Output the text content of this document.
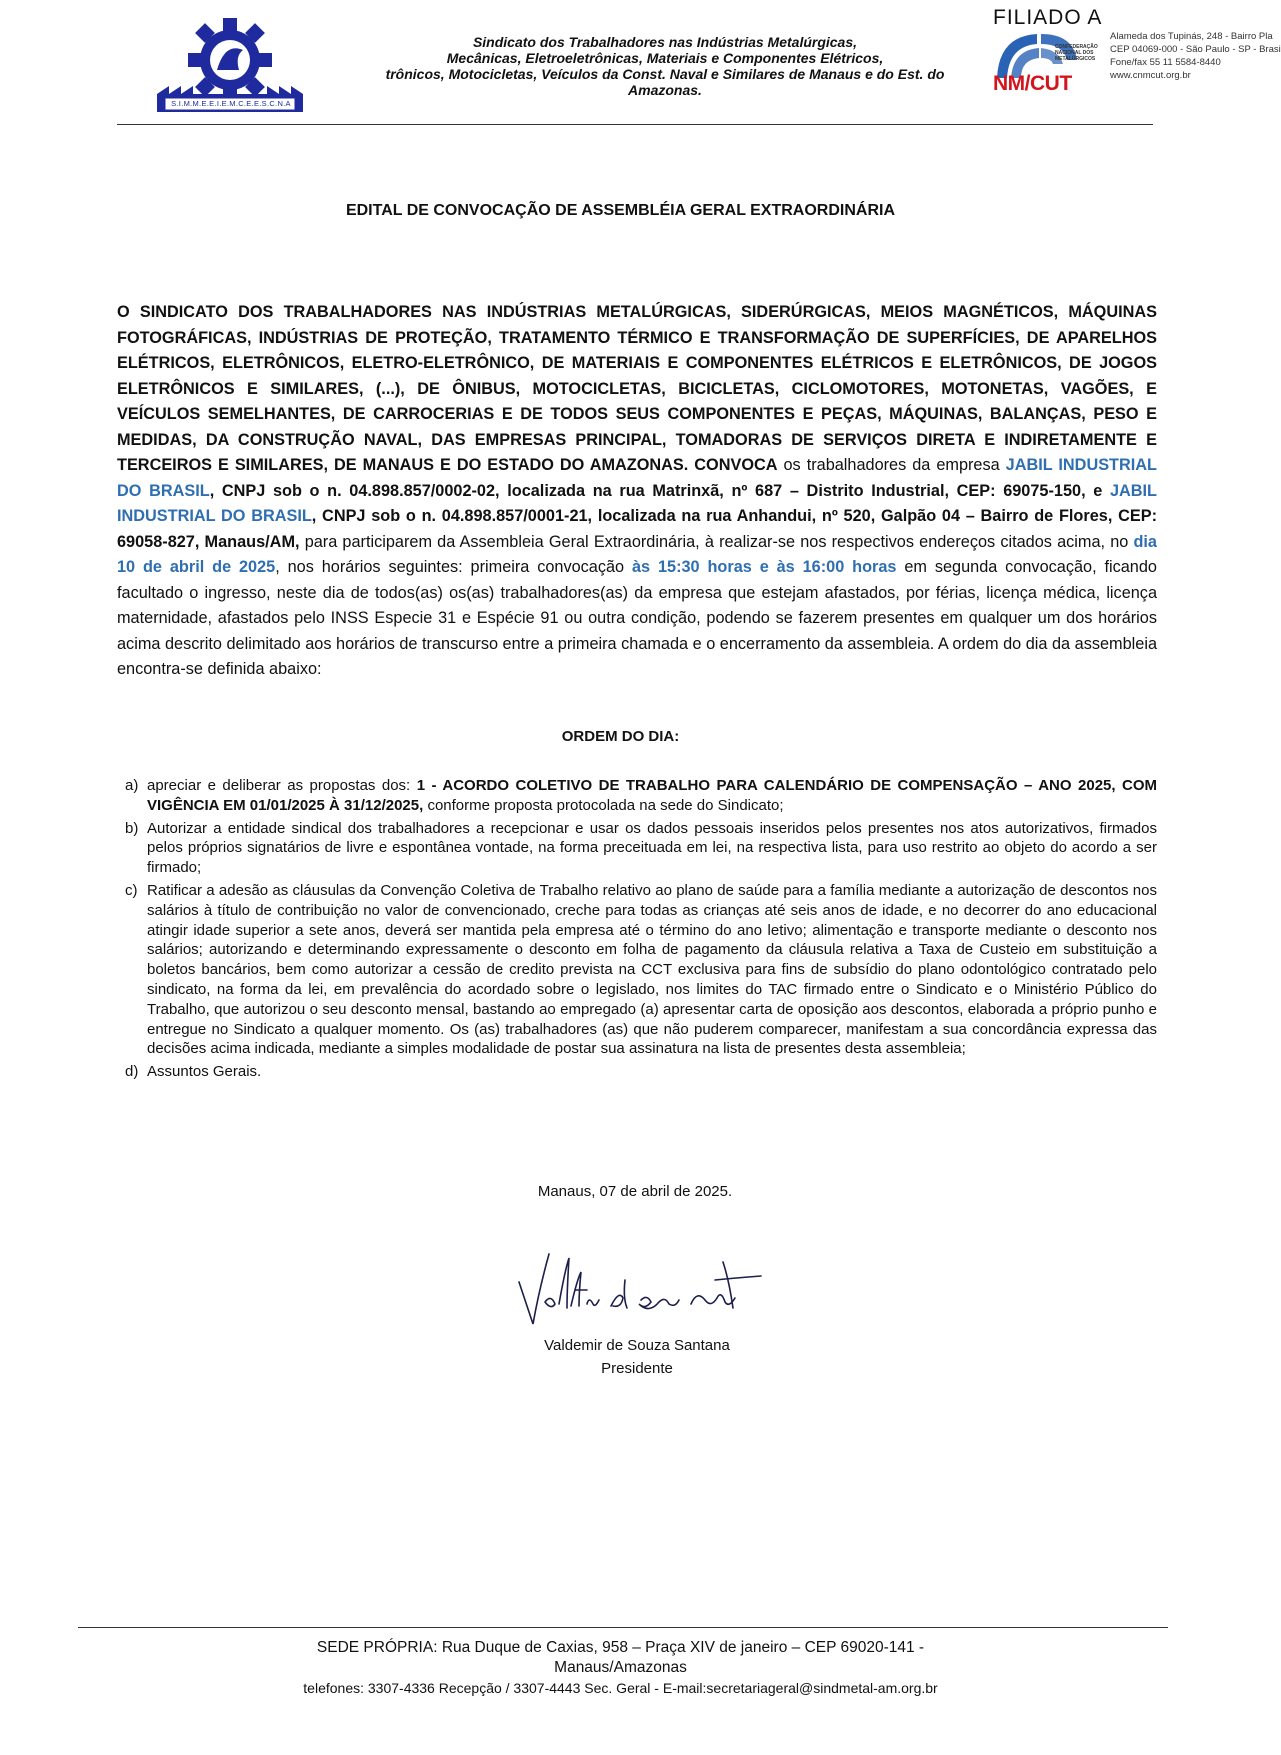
S.I.M.M.E.E.I.E.M.C.E.E.S.C.N.A
Sindicato dos Trabalhadores nas Indústrias Metalúrgicas,
Mecânicas, Eletroeletrônicas, Materiais e Componentes Elétricos,
trônicos, Motocicletas, Veículos da Const. Naval e Similares de Manaus e do Est. do
Amazonas.
FILIADO A
CONFEDERAÇÃO NACIONAL DOS METALÚRGICOS
NM/CUT
Alameda dos Tupinás, 248 - Bairro Pla
CEP 04069-000 - São Paulo - SP - Brasi
Fone/fax 55 11 5584-8440
www.cnmcut.org.br
EDITAL DE CONVOCAÇÃO DE ASSEMBLÉIA GERAL EXTRAORDINÁRIA
O SINDICATO DOS TRABALHADORES NAS INDÚSTRIAS METALÚRGICAS, SIDERÚRGICAS, MEIOS MAGNÉTICOS, MÁQUINAS FOTOGRÁFICAS, INDÚSTRIAS DE PROTEÇÃO, TRATAMENTO TÉRMICO E TRANSFORMAÇÃO DE SUPERFÍCIES, DE APARELHOS ELÉTRICOS, ELETRÔNICOS, ELETRO-ELETRÔNICO, DE MATERIAIS E COMPONENTES ELÉTRICOS E ELETRÔNICOS, DE JOGOS ELETRÔNICOS E SIMILARES, (...), DE ÔNIBUS, MOTOCICLETAS, BICICLETAS, CICLOMOTORES, MOTONETAS, VAGÕES, E VEÍCULOS SEMELHANTES, DE CARROCERIAS E DE TODOS SEUS COMPONENTES E PEÇAS, MÁQUINAS, BALANÇAS, PESO E MEDIDAS, DA CONSTRUÇÃO NAVAL, DAS EMPRESAS PRINCIPAL, TOMADORAS DE SERVIÇOS DIRETA E INDIRETAMENTE E TERCEIROS E SIMILARES, DE MANAUS E DO ESTADO DO AMAZONAS. CONVOCA os trabalhadores da empresa JABIL INDUSTRIAL DO BRASIL, CNPJ sob o n. 04.898.857/0002-02, localizada na rua Matrinxã, nº 687 – Distrito Industrial, CEP: 69075-150, e JABIL INDUSTRIAL DO BRASIL, CNPJ sob o n. 04.898.857/0001-21, localizada na rua Anhandui, nº 520, Galpão 04 – Bairro de Flores, CEP: 69058-827, Manaus/AM, para participarem da Assembleia Geral Extraordinária, à realizar-se nos respectivos endereços citados acima, no dia 10 de abril de 2025, nos horários seguintes: primeira convocação às 15:30 horas e às 16:00 horas em segunda convocação, ficando facultado o ingresso, neste dia de todos(as) os(as) trabalhadores(as) da empresa que estejam afastados, por férias, licença médica, licença maternidade, afastados pelo INSS Especie 31 e Espécie 91 ou outra condição, podendo se fazerem presentes em qualquer um dos horários acima descrito delimitado aos horários de transcurso entre a primeira chamada e o encerramento da assembleia. A ordem do dia da assembleia encontra-se definida abaixo:
ORDEM DO DIA:
a) apreciar e deliberar as propostas dos: 1 - ACORDO COLETIVO DE TRABALHO PARA CALENDÁRIO DE COMPENSAÇÃO – ANO 2025, COM VIGÊNCIA EM 01/01/2025 À 31/12/2025, conforme proposta protocolada na sede do Sindicato;
b) Autorizar a entidade sindical dos trabalhadores a recepcionar e usar os dados pessoais inseridos pelos presentes nos atos autorizativos, firmados pelos próprios signatários de livre e espontânea vontade, na forma preceituada em lei, na respectiva lista, para uso restrito ao objeto do acordo a ser firmado;
c) Ratificar a adesão as cláusulas da Convenção Coletiva de Trabalho relativo ao plano de saúde para a família mediante a autorização de descontos nos salários à título de contribuição no valor de convencionado, creche para todas as crianças até seis anos de idade, e no decorrer do ano educacional atingir idade superior a sete anos, deverá ser mantida pela empresa até o término do ano letivo; alimentação e transporte mediante o desconto nos salários; autorizando e determinando expressamente o desconto em folha de pagamento da cláusula relativa a Taxa de Custeio em substituição a boletos bancários, bem como autorizar a cessão de credito prevista na CCT exclusiva para fins de subsídio do plano odontológico contratado pelo sindicato, na forma da lei, em prevalência do acordado sobre o legislado, nos limites do TAC firmado entre o Sindicato e o Ministério Público do Trabalho, que autorizou o seu desconto mensal, bastando ao empregado (a) apresentar carta de oposição aos descontos, elaborada a próprio punho e entregue no Sindicato a qualquer momento. Os (as) trabalhadores (as) que não puderem comparecer, manifestam a sua concordância expressa das decisões acima indicada, mediante a simples modalidade de postar sua assinatura na lista de presentes desta assembleia;
d) Assuntos Gerais.
Manaus, 07 de abril de 2025.
Valdemir de Souza Santana
Presidente
SEDE PRÓPRIA: Rua Duque de Caxias, 958 – Praça XIV de janeiro – CEP 69020-141 -
Manaus/Amazonas
telefones: 3307-4336 Recepção / 3307-4443 Sec. Geral - E-mail:secretariageral@sindmetal-am.org.br
